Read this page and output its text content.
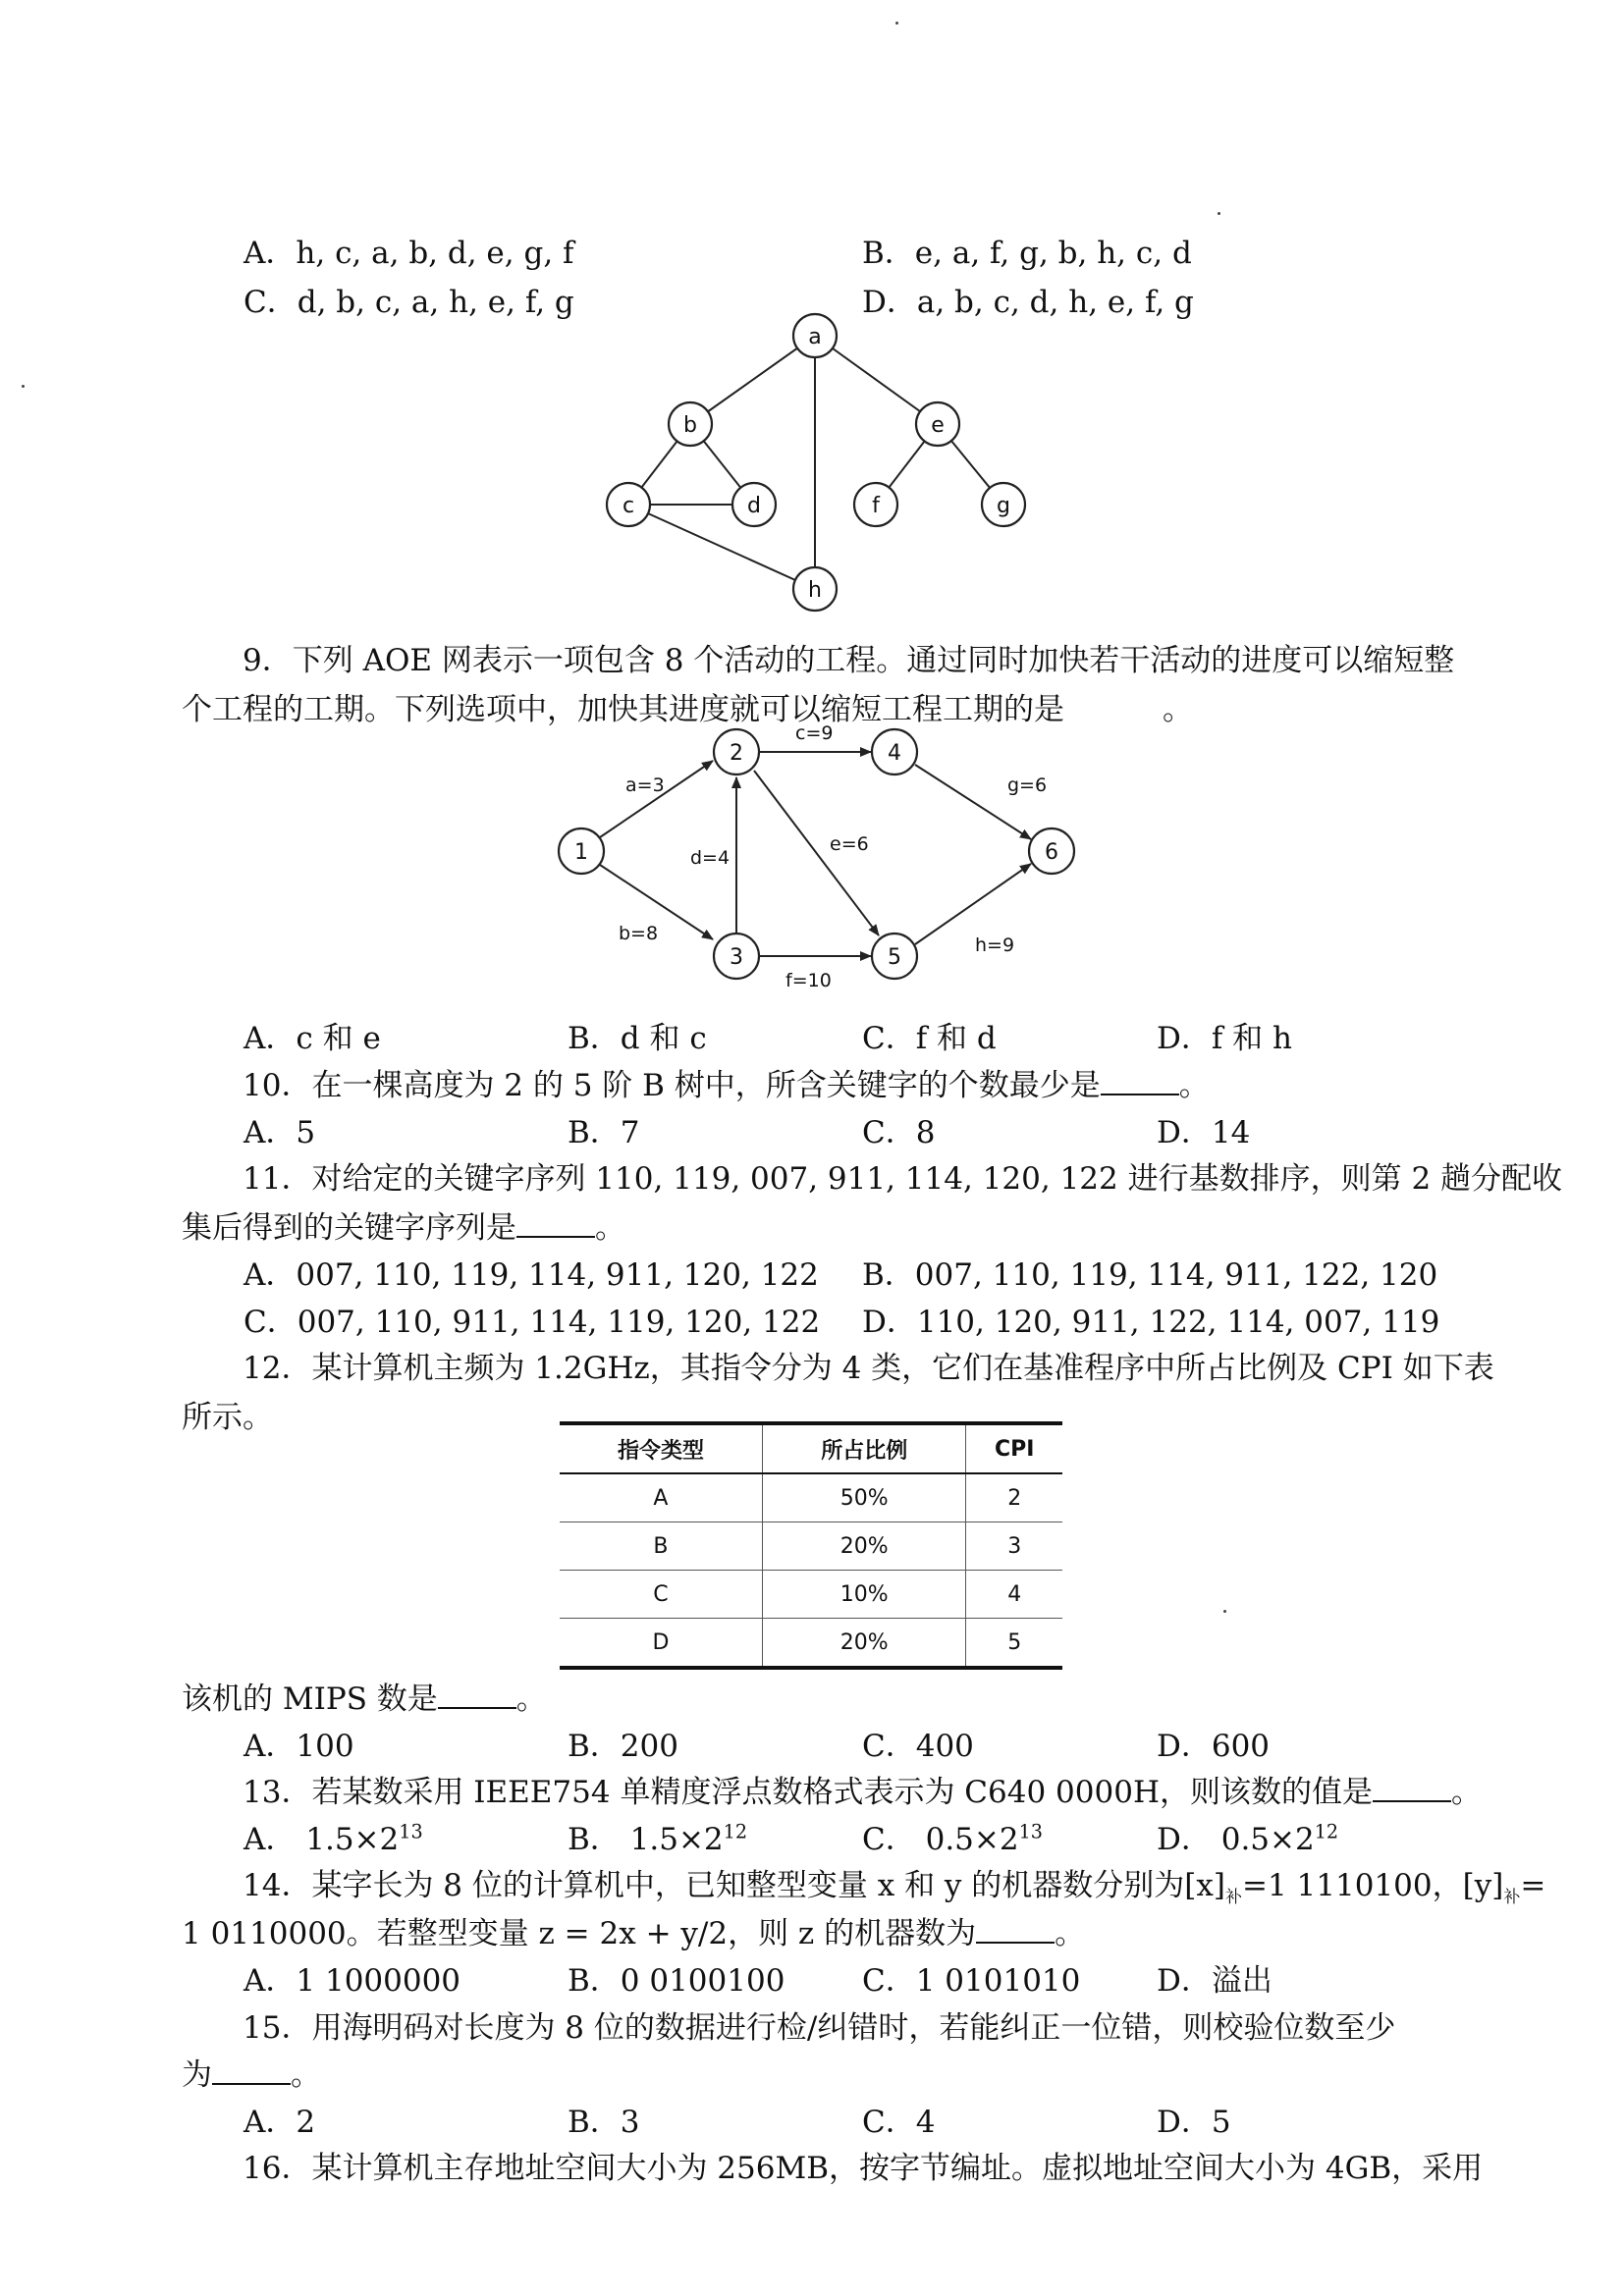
A．h, c, a, b, d, e, g, f	B．e, a, f, g, b, h, c, d
C．d, b, c, a, h, e, f, g	D．a, b, c, d, h, e, f, g
a
b
c	d
e
f	g
h
9．下列 AOE 网表示一项包含 8 个活动的工程。通过同时加快若干活动的进度可以缩短整
个工程的工期。下列选项中，加快其进度就可以缩短工程工期的是	。
a=3
b=8
c=9
d=4
e=6
f=10
g=6
h=9
1
2
3
4
5
6
A．c 和 e	B．d 和 c	C．f 和 d	D．f 和 h
10．在一棵高度为 2 的 5 阶 B 树中，所含关键字的个数最少是	。
A．5	B．7	C．8	D．14
11．对给定的关键字序列 110, 119, 007, 911, 114, 120, 122 进行基数排序，则第 2 趟分配收
集后得到的关键字序列是	。
A．007, 110, 119, 114, 911, 120, 122 B．007, 110, 119, 114, 911, 122, 120
C．007, 110, 911, 114, 119, 120, 122 D．110, 120, 911, 122, 114, 007, 119
12．某计算机主频为 1.2GHz，其指令分为 4 类，它们在基准程序中所占比例及 CPI 如下表
所示。
指令类型	所占比例	CPI
A	50%	2
B	20%	3
C	10%	4
D	20%	5
该机的 MIPS 数是	。
A．100	B．200	C．400	D．600
13．若某数采用 IEEE754 单精度浮点数格式表示为 C640 0000H，则该数的值是	。
A． $1.5\times 2^{13}$	B． $1.5\times 2^{12}$	C． $0.5\times 2^{13}$	D． $0.5\times 2^{12}$
14．某字长为 8 位的计算机中，已知整型变量 x 和 y 的机器数分别为$[x]_补=1$ 1110100，$[y]_补=$
1 0110000。若整型变量 z = 2x + y/2，则 z 的机器数为	。
A．1 1000000	B．0 0100100	C．1 0101010	D．溢出
15．用海明码对长度为 8 位的数据进行检/纠错时，若能纠正一位错，则校验位数至少
为	。
A．2	B．3	C．4	D．5
16．某计算机主存地址空间大小为 256MB，按字节编址。虚拟地址空间大小为 4GB，采用
